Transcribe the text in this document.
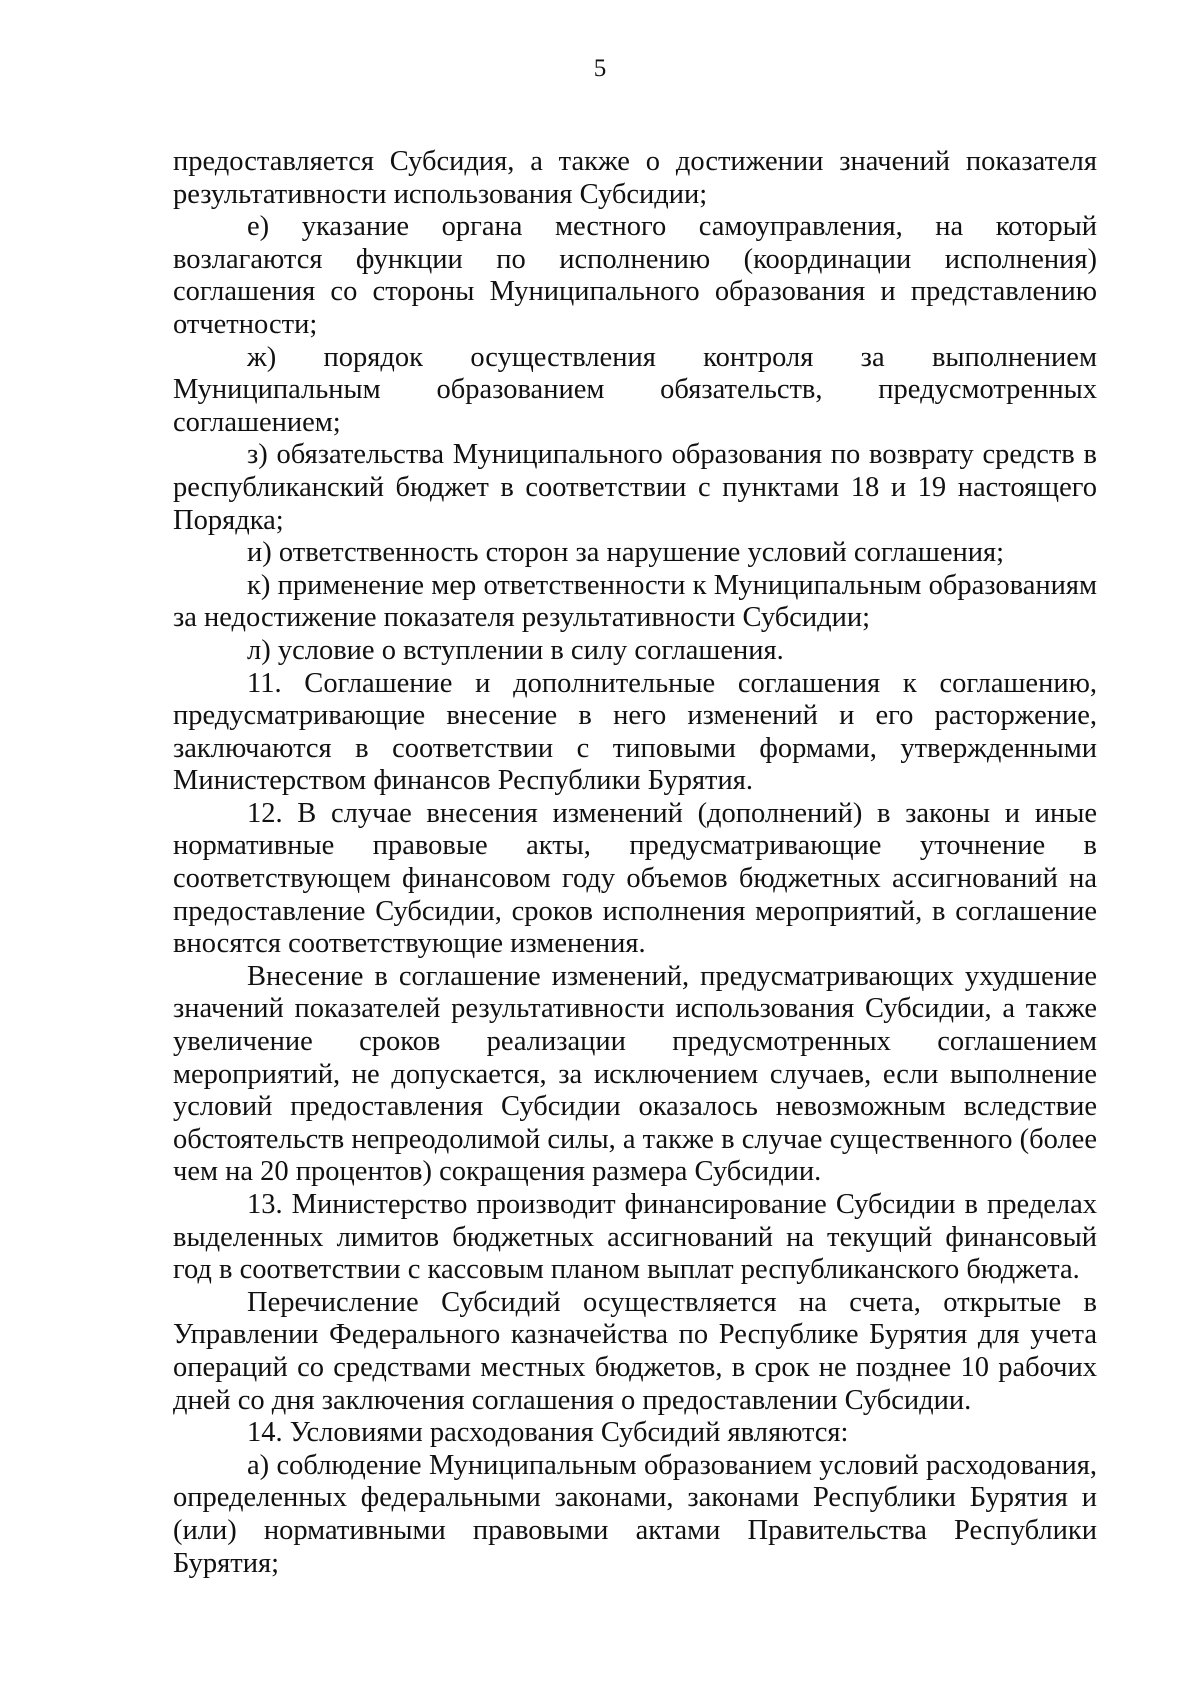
5

предоставляется Субсидия, а также о достижении значений показателя результативности использования Субсидии;

е) указание органа местного самоуправления, на который возлагаются функции по исполнению (координации исполнения) соглашения со стороны Муниципального образования и представлению отчетности;

ж) порядок осуществления контроля за выполнением Муниципальным образованием обязательств, предусмотренных соглашением;

з) обязательства Муниципального образования по возврату средств в республиканский бюджет в соответствии с пунктами 18 и 19 настоящего Порядка;

и) ответственность сторон за нарушение условий соглашения;

к) применение мер ответственности к Муниципальным образованиям за недостижение показателя результативности Субсидии;

л) условие о вступлении в силу соглашения.

11. Соглашение и дополнительные соглашения к соглашению, предусматривающие внесение в него изменений и его расторжение, заключаются в соответствии с типовыми формами, утвержденными Министерством финансов Республики Бурятия.

12. В случае внесения изменений (дополнений) в законы и иные нормативные правовые акты, предусматривающие уточнение в соответствующем финансовом году объемов бюджетных ассигнований на предоставление Субсидии, сроков исполнения мероприятий, в соглашение вносятся соответствующие изменения.

Внесение в соглашение изменений, предусматривающих ухудшение значений показателей результативности использования Субсидии, а также увеличение сроков реализации предусмотренных соглашением мероприятий, не допускается, за исключением случаев, если выполнение условий предоставления Субсидии оказалось невозможным вследствие обстоятельств непреодолимой силы, а также в случае существенного (более чем на 20 процентов) сокращения размера Субсидии.

13. Министерство производит финансирование Субсидии в пределах выделенных лимитов бюджетных ассигнований на текущий финансовый год в соответствии с кассовым планом выплат республиканского бюджета.

Перечисление Субсидий осуществляется на счета, открытые в Управлении Федерального казначейства по Республике Бурятия для учета операций со средствами местных бюджетов, в срок не позднее 10 рабочих дней со дня заключения соглашения о предоставлении Субсидии.

14. Условиями расходования Субсидий являются:

а) соблюдение Муниципальным образованием условий расходования, определенных федеральными законами, законами Республики Бурятия и (или) нормативными правовыми актами Правительства Республики Бурятия;
